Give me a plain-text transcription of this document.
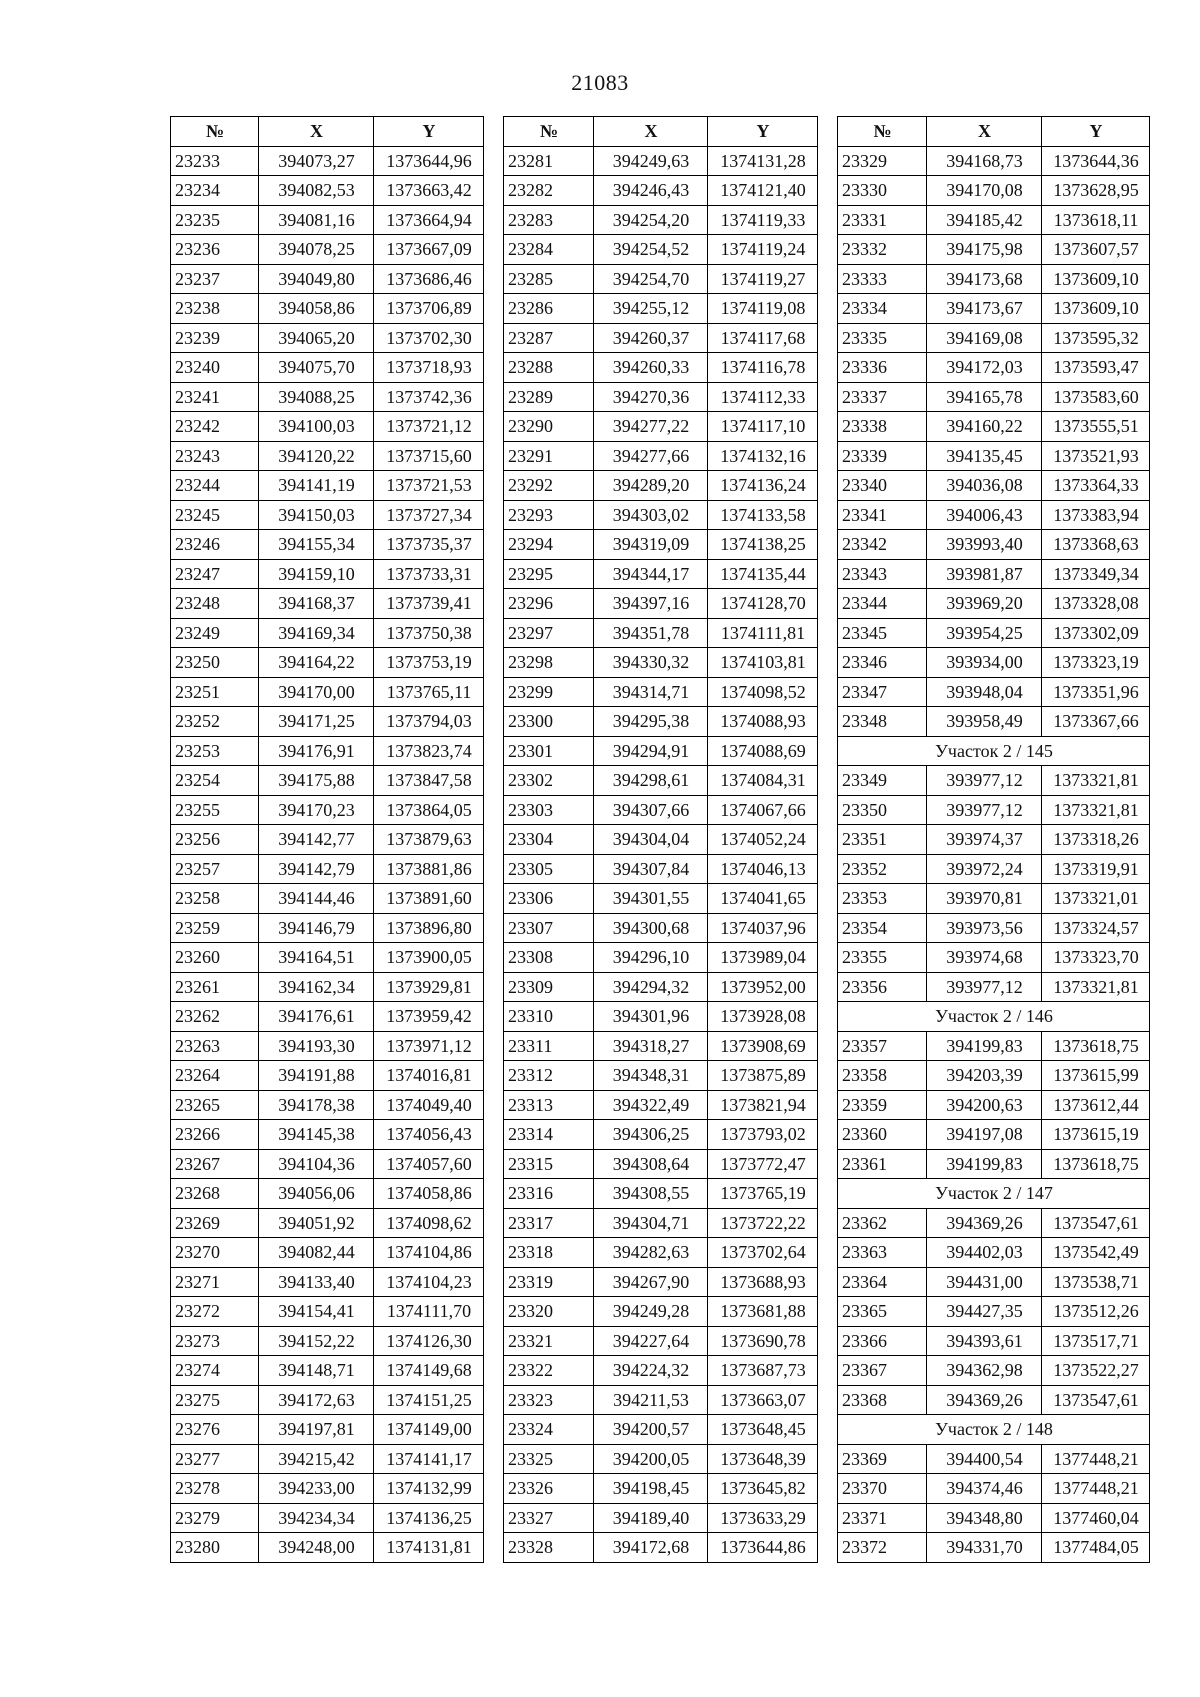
21083
№	X	Y
23233	394073,27	1373644,96
23234	394082,53	1373663,42
23235	394081,16	1373664,94
23236	394078,25	1373667,09
23237	394049,80	1373686,46
23238	394058,86	1373706,89
23239	394065,20	1373702,30
23240	394075,70	1373718,93
23241	394088,25	1373742,36
23242	394100,03	1373721,12
23243	394120,22	1373715,60
23244	394141,19	1373721,53
23245	394150,03	1373727,34
23246	394155,34	1373735,37
23247	394159,10	1373733,31
23248	394168,37	1373739,41
23249	394169,34	1373750,38
23250	394164,22	1373753,19
23251	394170,00	1373765,11
23252	394171,25	1373794,03
23253	394176,91	1373823,74
23254	394175,88	1373847,58
23255	394170,23	1373864,05
23256	394142,77	1373879,63
23257	394142,79	1373881,86
23258	394144,46	1373891,60
23259	394146,79	1373896,80
23260	394164,51	1373900,05
23261	394162,34	1373929,81
23262	394176,61	1373959,42
23263	394193,30	1373971,12
23264	394191,88	1374016,81
23265	394178,38	1374049,40
23266	394145,38	1374056,43
23267	394104,36	1374057,60
23268	394056,06	1374058,86
23269	394051,92	1374098,62
23270	394082,44	1374104,86
23271	394133,40	1374104,23
23272	394154,41	1374111,70
23273	394152,22	1374126,30
23274	394148,71	1374149,68
23275	394172,63	1374151,25
23276	394197,81	1374149,00
23277	394215,42	1374141,17
23278	394233,00	1374132,99
23279	394234,34	1374136,25
23280	394248,00	1374131,81
№	X	Y
23281	394249,63	1374131,28
23282	394246,43	1374121,40
23283	394254,20	1374119,33
23284	394254,52	1374119,24
23285	394254,70	1374119,27
23286	394255,12	1374119,08
23287	394260,37	1374117,68
23288	394260,33	1374116,78
23289	394270,36	1374112,33
23290	394277,22	1374117,10
23291	394277,66	1374132,16
23292	394289,20	1374136,24
23293	394303,02	1374133,58
23294	394319,09	1374138,25
23295	394344,17	1374135,44
23296	394397,16	1374128,70
23297	394351,78	1374111,81
23298	394330,32	1374103,81
23299	394314,71	1374098,52
23300	394295,38	1374088,93
23301	394294,91	1374088,69
23302	394298,61	1374084,31
23303	394307,66	1374067,66
23304	394304,04	1374052,24
23305	394307,84	1374046,13
23306	394301,55	1374041,65
23307	394300,68	1374037,96
23308	394296,10	1373989,04
23309	394294,32	1373952,00
23310	394301,96	1373928,08
23311	394318,27	1373908,69
23312	394348,31	1373875,89
23313	394322,49	1373821,94
23314	394306,25	1373793,02
23315	394308,64	1373772,47
23316	394308,55	1373765,19
23317	394304,71	1373722,22
23318	394282,63	1373702,64
23319	394267,90	1373688,93
23320	394249,28	1373681,88
23321	394227,64	1373690,78
23322	394224,32	1373687,73
23323	394211,53	1373663,07
23324	394200,57	1373648,45
23325	394200,05	1373648,39
23326	394198,45	1373645,82
23327	394189,40	1373633,29
23328	394172,68	1373644,86
№	X	Y
23329	394168,73	1373644,36
23330	394170,08	1373628,95
23331	394185,42	1373618,11
23332	394175,98	1373607,57
23333	394173,68	1373609,10
23334	394173,67	1373609,10
23335	394169,08	1373595,32
23336	394172,03	1373593,47
23337	394165,78	1373583,60
23338	394160,22	1373555,51
23339	394135,45	1373521,93
23340	394036,08	1373364,33
23341	394006,43	1373383,94
23342	393993,40	1373368,63
23343	393981,87	1373349,34
23344	393969,20	1373328,08
23345	393954,25	1373302,09
23346	393934,00	1373323,19
23347	393948,04	1373351,96
23348	393958,49	1373367,66
Участок 2 / 145		
23349	393977,12	1373321,81
23350	393977,12	1373321,81
23351	393974,37	1373318,26
23352	393972,24	1373319,91
23353	393970,81	1373321,01
23354	393973,56	1373324,57
23355	393974,68	1373323,70
23356	393977,12	1373321,81
Участок 2 / 146		
23357	394199,83	1373618,75
23358	394203,39	1373615,99
23359	394200,63	1373612,44
23360	394197,08	1373615,19
23361	394199,83	1373618,75
Участок 2 / 147		
23362	394369,26	1373547,61
23363	394402,03	1373542,49
23364	394431,00	1373538,71
23365	394427,35	1373512,26
23366	394393,61	1373517,71
23367	394362,98	1373522,27
23368	394369,26	1373547,61
Участок 2 / 148		
23369	394400,54	1377448,21
23370	394374,46	1377448,21
23371	394348,80	1377460,04
23372	394331,70	1377484,05
